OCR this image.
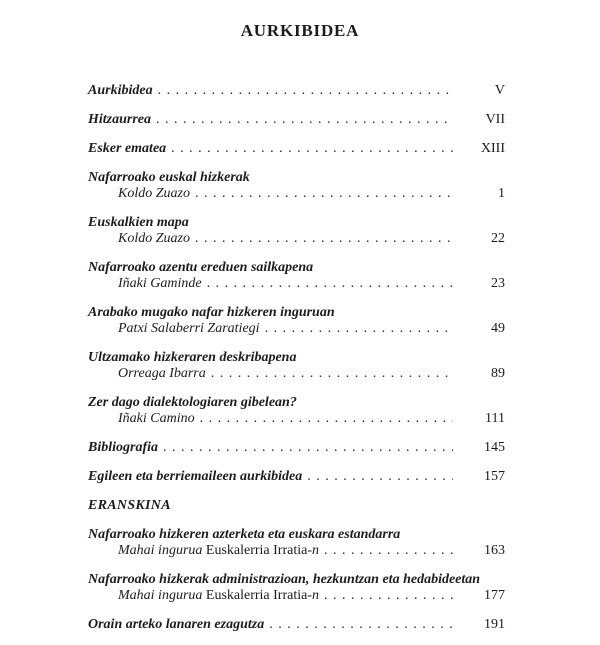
AURKIBIDEA
Aurkibidea . . .	V
Hitzaurrea . . .	VII
Esker ematea . . .	XIII
Nafarroako euskal hizkerak
Koldo Zuazo . . .	1
Euskalkien mapa
Koldo Zuazo . . .	22
Nafarroako azentu ereduen sailkapena
Iñaki Gaminde . . .	23
Arabako mugako nafar hizkeren inguruan
Patxi Salaberri Zaratiegi . . .	49
Ultzamako hizkeraren deskribapena
Orreaga Ibarra . . .	89
Zer dago dialektologiaren gibelean?
Iñaki Camino . . .	111
Bibliografia . . .	145
Egileen eta berriemaileen aurkibidea . . .	157
ERANSKINA
Nafarroako hizkeren azterketa eta euskara estandarra
Mahai ingurua Euskalerria Irratia-n . . .	163
Nafarroako hizkerak administrazioan, hezkuntzan eta hedabideetan
Mahai ingurua Euskalerria Irratia-n . . .	177
Orain arteko lanaren ezagutza . . .	191
